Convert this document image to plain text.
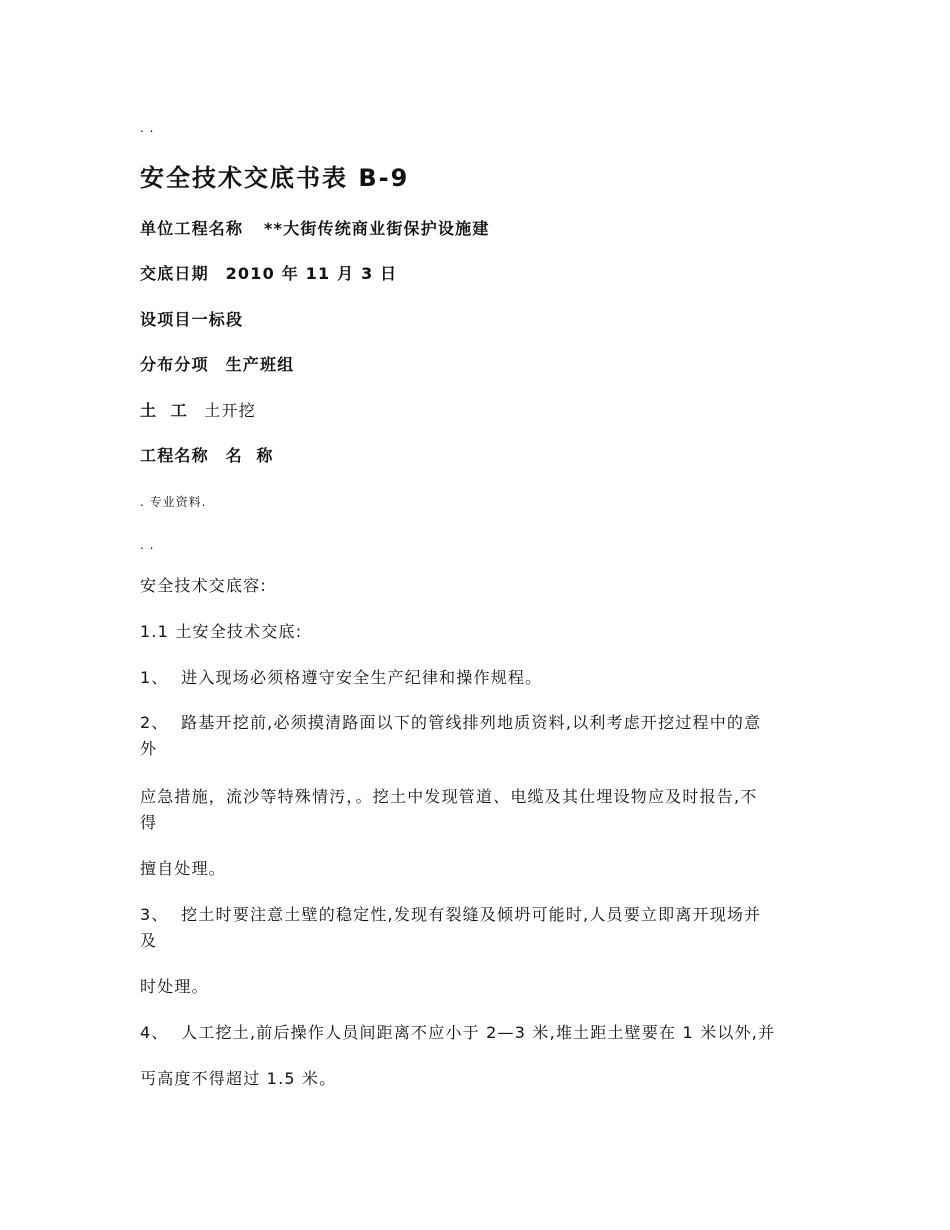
. .
安全技术交底书表 B-9
单位工程名称 **大街传统商业街保护设施建
交底日期 2010 年 11 月 3 日
设项目一标段
分布分项 生产班组
土  工 土开挖
工程名称 名  称
. 专业资料.
. .
安全技术交底容:
1.1 土安全技术交底:
1、  进入现场必须格遵守安全生产纪律和操作规程。
2、  路基开挖前,必须摸清路面以下的管线排列地质资料,以利考虑开挖过程中的意
外
应急措施，流沙等特殊情汚，。挖土中发现管道、电缆及其仕埋设物应及时报告,不
得
擅自处理。
3、  挖土时要注意土壁的稳定性,发现有裂缝及倾坍可能时,人员要立即离开现场并
及
时处理。
4、  人工挖土,前后操作人员间距离不应小于 2—3 米,堆土距土壁要在 1 米以外,并
丐高度不得超过 1.5 米。
